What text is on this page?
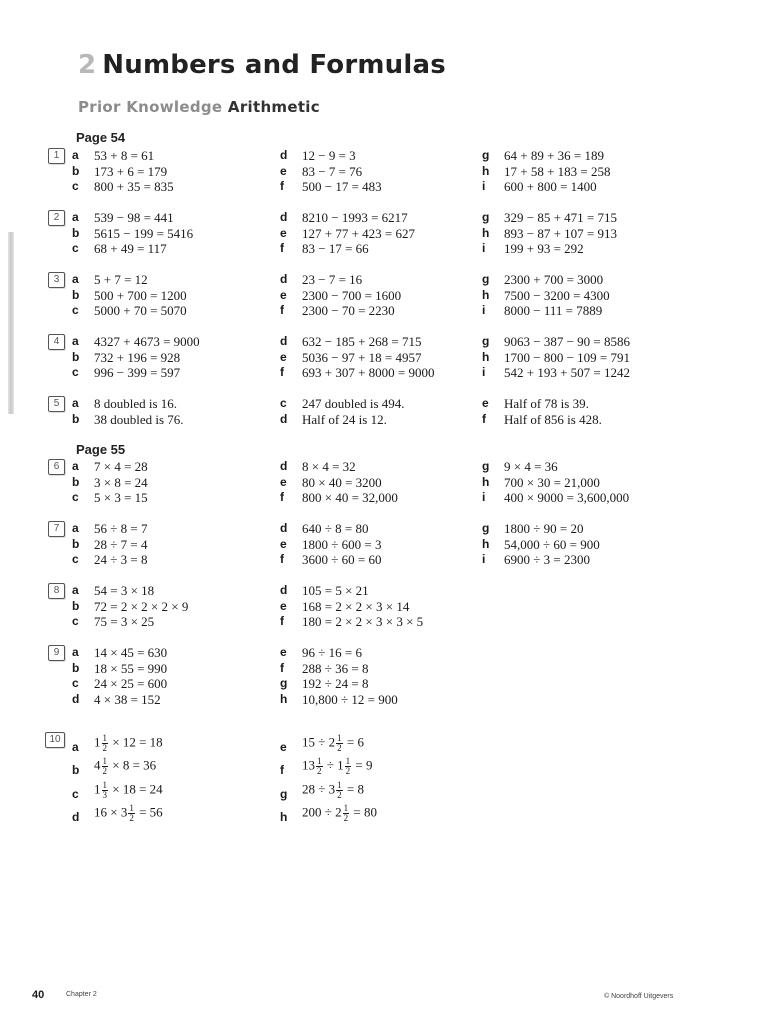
2 Numbers and Formulas
Prior Knowledge Arithmetic
Page 54
Page 55
1
2
3
4
5
6
7
8
9
10
a 53 + 8 = 61
b 173 + 6 = 179
c 800 + 35 = 835
d 12 − 9 = 3
e 83 − 7 = 76
f 500 − 17 = 483
g 64 + 89 + 36 = 189
h 17 + 58 + 183 = 258
i 600 + 800 = 1400
a 539 − 98 = 441
b 5615 − 199 = 5416
c 68 + 49 = 117
d 8210 − 1993 = 6217
e 127 + 77 + 423 = 627
f 83 − 17 = 66
g 329 − 85 + 471 = 715
h 893 − 87 + 107 = 913
i 199 + 93 = 292
a 5 + 7 = 12
b 500 + 700 = 1200
c 5000 + 70 = 5070
d 23 − 7 = 16
e 2300 − 700 = 1600
f 2300 − 70 = 2230
g 2300 + 700 = 3000
h 7500 − 3200 = 4300
i 8000 − 111 = 7889
a 4327 + 4673 = 9000
b 732 + 196 = 928
c 996 − 399 = 597
d 632 − 185 + 268 = 715
e 5036 − 97 + 18 = 4957
f 693 + 307 + 8000 = 9000
g 9063 − 387 − 90 = 8586
h 1700 − 800 − 109 = 791
i 542 + 193 + 507 = 1242
a 8 doubled is 16.
b 38 doubled is 76.
c 247 doubled is 494.
d Half of 24 is 12.
e Half of 78 is 39.
f Half of 856 is 428.
a 7 × 4 = 28
b 3 × 8 = 24
c 5 × 3 = 15
d 8 × 4 = 32
e 80 × 40 = 3200
f 800 × 40 = 32,000
g 9 × 4 = 36
h 700 × 30 = 21,000
i 400 × 9000 = 3,600,000
a 56 ÷ 8 = 7
b 28 ÷ 7 = 4
c 24 ÷ 3 = 8
d 640 ÷ 8 = 80
e 1800 ÷ 600 = 3
f 3600 ÷ 60 = 60
g 1800 ÷ 90 = 20
h 54,000 ÷ 60 = 900
i 6900 ÷ 3 = 2300
a 54 = 3 × 18
b 72 = 2 × 2 × 2 × 9
c 75 = 3 × 25
d 105 = 5 × 21
e 168 = 2 × 2 × 3 × 14
f 180 = 2 × 2 × 3 × 3 × 5
a 14 × 45 = 630
b 18 × 55 = 990
c 24 × 25 = 600
d 4 × 38 = 152
e 96 ÷ 16 = 6
f 288 ÷ 36 = 8
g 192 ÷ 24 = 8
h 10,800 ÷ 12 = 900
a $1 \frac{1}{2} \times 12 = 18$
b $4 \frac{1}{2} \times 8 = 36$
c $1 \frac{1}{3} \times 18 = 24$
d $16 \times 3 \frac{1}{2} = 56$
e $15 \div 2 \frac{1}{2} = 6$
f $13 \frac{1}{2} \div 1 \frac{1}{2} = 9$
g $28 \div 3 \frac{1}{2} = 8$
h $200 \div 2 \frac{1}{2} = 80$
40	Chapter 2	© Noordhoff Uitgevers
